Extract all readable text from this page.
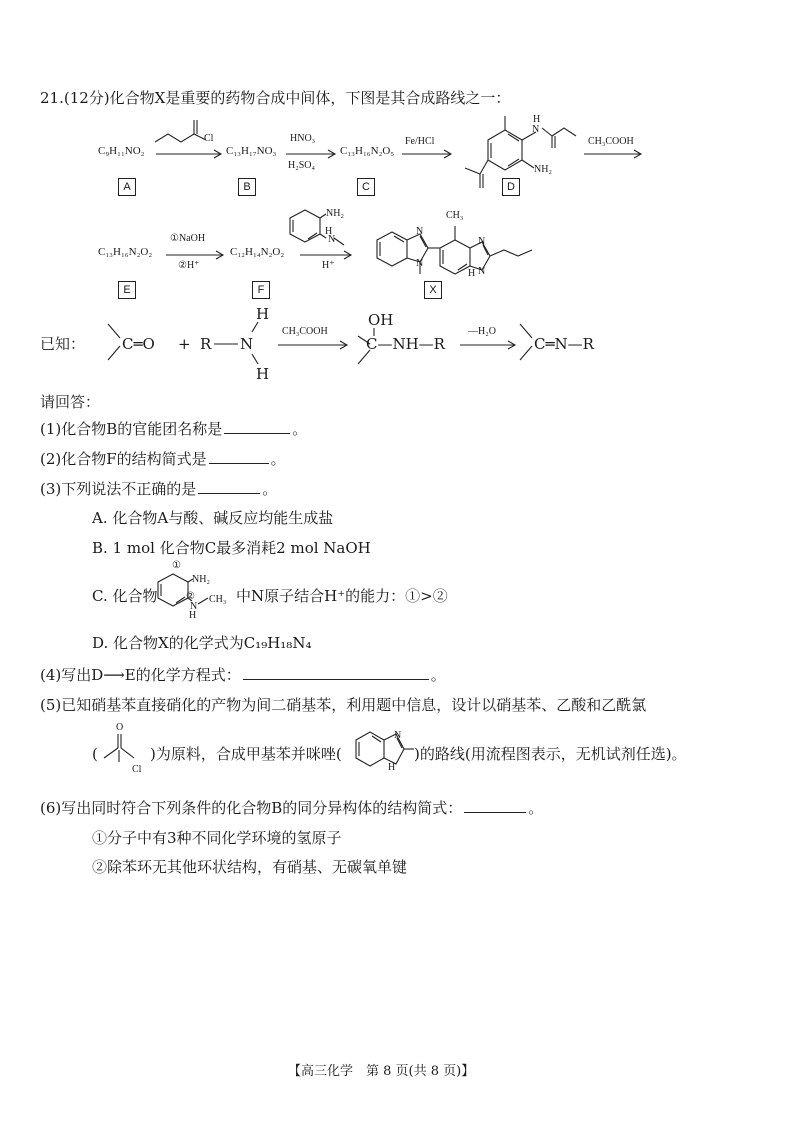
21.(12分)化合物X是重要的药物合成中间体，下图是其合成路线之一：
C₉H₁₁NO₂
A
Cl
C₁₃H₁₇NO₃
B
HNO₃
H₂SO₄
C₁₃H₁₆N₂O₅
C
Fe/HCl
H
N
NH₂
D
CH₃COOH
C₁₃H₁₆N₂O₂
E
①NaOH
②H⁺
C₁₂H₁₄N₂O₂
F
NH₂
H
N
H⁺
CH₃
N
N
N
N
H
X
已知： C═O + R N
H
H
CH₃COOH
OH
C—NH—R
—H₂O
C═N—R
请回答：
(1)化合物B的官能团名称是	。
(2)化合物F的结构简式是	。
(3)下列说法不正确的是	。
A. 化合物A与酸、碱反应均能生成盐
B. 1 mol 化合物C最多消耗2 mol NaOH
C. 化合物
①
NH₂
②
N
H
CH₃ 中N原子结合H⁺的能力：①>②
D. 化合物X的化学式为C₁₉H₁₈N₄
(4)写出D⟶E的化学方程式：	。
(5)已知硝基苯直接硝化的产物为间二硝基苯，利用题中信息，设计以硝基苯、乙酸和乙酰氯
(
O
Cl
)为原料，合成甲基苯并咪唑(
N
H
)的路线(用流程图表示，无机试剂任选)。
(6)写出同时符合下列条件的化合物B的同分异构体的结构简式：	。
①分子中有3种不同化学环境的氢原子
②除苯环无其他环状结构，有硝基、无碳氧单键
【高三化学　第 8 页(共 8 页)】
